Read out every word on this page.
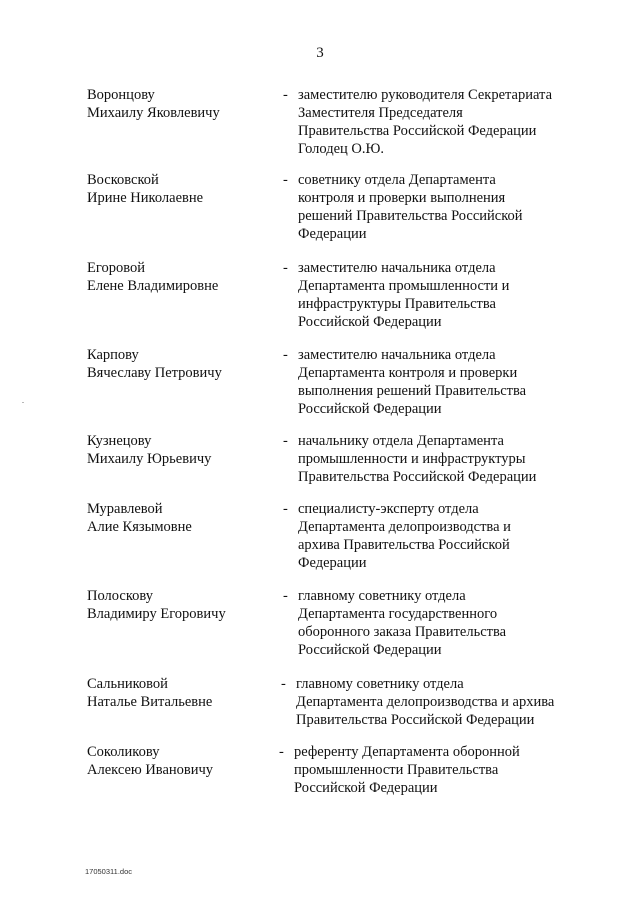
3
Воронцову
Михаилу Яковлевичу
- заместителю руководителя Секретариата
Заместителя Председателя
Правительства Российской Федерации
Голодец О.Ю.
Восковской
Ирине Николаевне
- советнику отдела Департамента
контроля и проверки выполнения
решений Правительства Российской
Федерации
Егоровой
Елене Владимировне
- заместителю начальника отдела
Департамента промышленности и
инфраструктуры Правительства
Российской Федерации
Карпову
Вячеславу Петровичу
- заместителю начальника отдела
Департамента контроля и проверки
выполнения решений Правительства
Российской Федерации
Кузнецову
Михаилу Юрьевичу
- начальнику отдела Департамента
промышленности и инфраструктуры
Правительства Российской Федерации
Муравлевой
Алие Кязымовне
- специалисту-эксперту отдела
Департамента делопроизводства и
архива Правительства Российской
Федерации
Полоскову
Владимиру Егоровичу
- главному советнику отдела
Департамента государственного
оборонного заказа Правительства
Российской Федерации
Сальниковой
Наталье Витальевне
- главному советнику отдела
Департамента делопроизводства и архива
Правительства Российской Федерации
Соколикову
Алексею Ивановичу
- референту Департамента оборонной
промышленности Правительства
Российской Федерации
17050311.doc
